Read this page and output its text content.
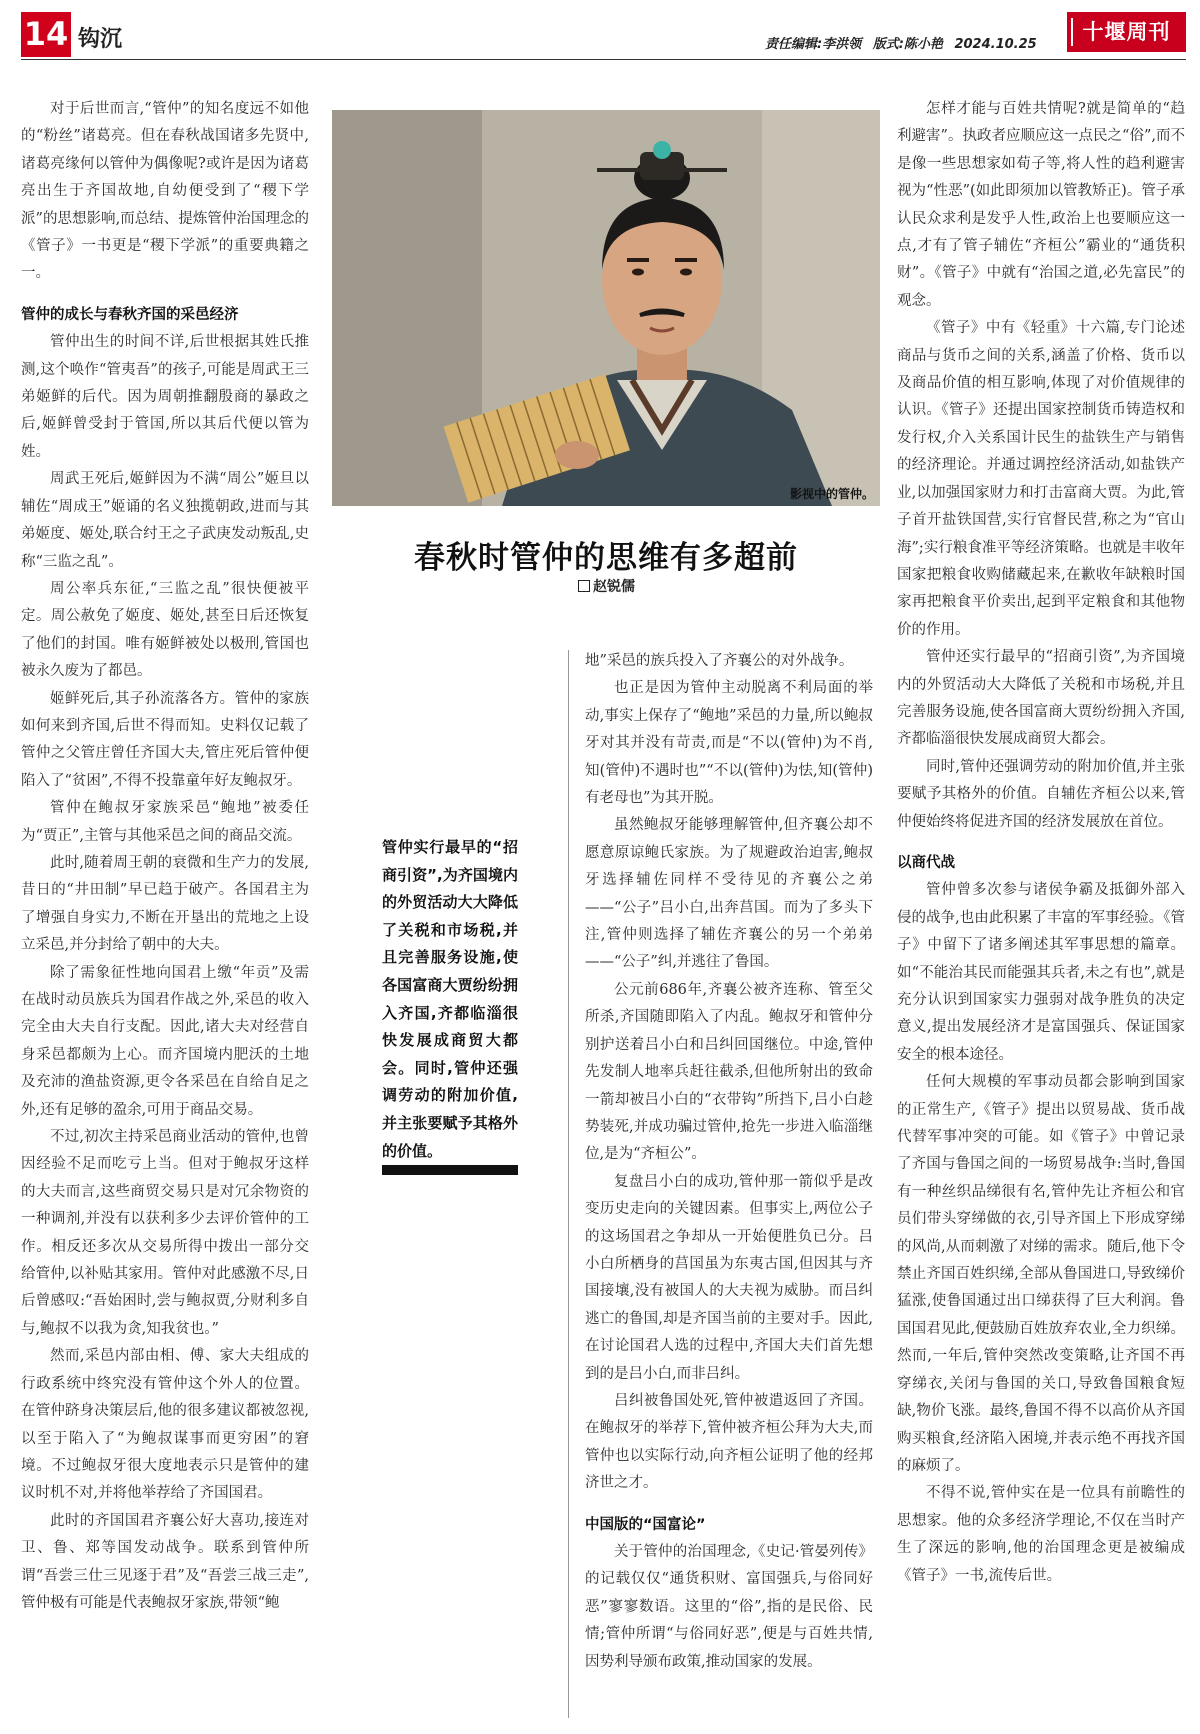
14 钩沉	责任编辑:李洪领 版式:陈小艳 2024.10.25
十堰周刊

对于后世而言,“管仲”的知名度远不如他的“粉丝”诸葛亮。但在春秋战国诸多先贤中,诸葛亮缘何以管仲为偶像呢?或许是因为诸葛亮出生于齐国故地,自幼便受到了“稷下学派”的思想影响,而总结、提炼管仲治国理念的《管子》一书更是“稷下学派”的重要典籍之一。

管仲的成长与春秋齐国的采邑经济

管仲出生的时间不详,后世根据其姓氏推测,这个唤作“管夷吾”的孩子,可能是周武王三弟姬鲜的后代。因为周朝推翻殷商的暴政之后,姬鲜曾受封于管国,所以其后代便以管为姓。

周武王死后,姬鲜因为不满“周公”姬旦以辅佐“周成王”姬诵的名义独揽朝政,进而与其弟姬度、姬处,联合纣王之子武庚发动叛乱,史称“三监之乱”。

周公率兵东征,“三监之乱”很快便被平定。周公赦免了姬度、姬处,甚至日后还恢复了他们的封国。唯有姬鲜被处以极刑,管国也被永久废为了都邑。

姬鲜死后,其子孙流落各方。管仲的家族如何来到齐国,后世不得而知。史料仅记载了管仲之父管庄曾任齐国大夫,管庄死后管仲便陷入了“贫困”,不得不投靠童年好友鲍叔牙。

管仲在鲍叔牙家族采邑“鲍地”被委任为“贾正”,主管与其他采邑之间的商品交流。

此时,随着周王朝的衰微和生产力的发展,昔日的“井田制”早已趋于破产。各国君主为了增强自身实力,不断在开垦出的荒地之上设立采邑,并分封给了朝中的大夫。

除了需象征性地向国君上缴“年贡”及需在战时动员族兵为国君作战之外,采邑的收入完全由大夫自行支配。因此,诸大夫对经营自身采邑都颇为上心。而齐国境内肥沃的土地及充沛的渔盐资源,更令各采邑在自给自足之外,还有足够的盈余,可用于商品交易。

不过,初次主持采邑商业活动的管仲,也曾因经验不足而吃亏上当。但对于鲍叔牙这样的大夫而言,这些商贸交易只是对冗余物资的一种调剂,并没有以获利多少去评价管仲的工作。相反还多次从交易所得中拨出一部分交给管仲,以补贴其家用。管仲对此感激不尽,日后曾感叹:“吾始困时,尝与鲍叔贾,分财利多自与,鲍叔不以我为贪,知我贫也。”

然而,采邑内部由相、傅、家大夫组成的行政系统中终究没有管仲这个外人的位置。在管仲跻身决策层后,他的很多建议都被忽视,以至于陷入了“为鲍叔谋事而更穷困”的窘境。不过鲍叔牙很大度地表示只是管仲的建议时机不对,并将他举荐给了齐国国君。

此时的齐国国君齐襄公好大喜功,接连对卫、鲁、郑等国发动战争。联系到管仲所谓“吾尝三仕三见逐于君”及“吾尝三战三走”,管仲极有可能是代表鲍叔牙家族,带领“鲍

影视中的管仲。
春秋时管仲的思维有多超前
赵锐儒
管仲实行最早的“招商引资”,为齐国境内的外贸活动大大降低了关税和市场税,并且完善服务设施,使各国富商大贾纷纷拥入齐国,齐都临淄很快发展成商贸大都会。同时,管仲还强调劳动的附加价值,并主张要赋予其格外的价值。

地”采邑的族兵投入了齐襄公的对外战争。

也正是因为管仲主动脱离不利局面的举动,事实上保存了“鲍地”采邑的力量,所以鲍叔牙对其并没有苛责,而是“不以(管仲)为不肖,知(管仲)不遇时也”“不以(管仲)为怯,知(管仲)有老母也”为其开脱。

虽然鲍叔牙能够理解管仲,但齐襄公却不愿意原谅鲍氏家族。为了规避政治迫害,鲍叔牙选择辅佐同样不受待见的齐襄公之弟——“公子”吕小白,出奔莒国。而为了多头下注,管仲则选择了辅佐齐襄公的另一个弟弟——“公子”纠,并逃往了鲁国。

公元前686年,齐襄公被齐连称、管至父所杀,齐国随即陷入了内乱。鲍叔牙和管仲分别护送着吕小白和吕纠回国继位。中途,管仲先发制人地率兵赶往截杀,但他所射出的致命一箭却被吕小白的“衣带钩”所挡下,吕小白趁势装死,并成功骗过管仲,抢先一步进入临淄继位,是为“齐桓公”。

复盘吕小白的成功,管仲那一箭似乎是改变历史走向的关键因素。但事实上,两位公子的这场国君之争却从一开始便胜负已分。吕小白所栖身的莒国虽为东夷古国,但因其与齐国接壤,没有被国人的大夫视为威胁。而吕纠逃亡的鲁国,却是齐国当前的主要对手。因此,在讨论国君人选的过程中,齐国大夫们首先想到的是吕小白,而非吕纠。

吕纠被鲁国处死,管仲被遣返回了齐国。在鲍叔牙的举荐下,管仲被齐桓公拜为大夫,而管仲也以实际行动,向齐桓公证明了他的经邦济世之才。

中国版的“国富论”

关于管仲的治国理念,《史记·管晏列传》的记载仅仅“通货积财、富国强兵,与俗同好恶”寥寥数语。这里的“俗”,指的是民俗、民情;管仲所谓“与俗同好恶”,便是与百姓共情,因势利导颁布政策,推动国家的发展。

怎样才能与百姓共情呢?就是简单的“趋利避害”。执政者应顺应这一点民之“俗”,而不是像一些思想家如荀子等,将人性的趋利避害视为“性恶”(如此即须加以管教矫正)。管子承认民众求利是发乎人性,政治上也要顺应这一点,才有了管子辅佐“齐桓公”霸业的“通货积财”。《管子》中就有“治国之道,必先富民”的观念。

《管子》中有《轻重》十六篇,专门论述商品与货币之间的关系,涵盖了价格、货币以及商品价值的相互影响,体现了对价值规律的认识。《管子》还提出国家控制货币铸造权和发行权,介入关系国计民生的盐铁生产与销售的经济理论。并通过调控经济活动,如盐铁产业,以加强国家财力和打击富商大贾。为此,管子首开盐铁国营,实行官督民营,称之为“官山海”;实行粮食准平等经济策略。也就是丰收年国家把粮食收购储藏起来,在歉收年缺粮时国家再把粮食平价卖出,起到平定粮食和其他物价的作用。

管仲还实行最早的“招商引资”,为齐国境内的外贸活动大大降低了关税和市场税,并且完善服务设施,使各国富商大贾纷纷拥入齐国,齐都临淄很快发展成商贸大都会。

同时,管仲还强调劳动的附加价值,并主张要赋予其格外的价值。自辅佐齐桓公以来,管仲便始终将促进齐国的经济发展放在首位。

以商代战

管仲曾多次参与诸侯争霸及抵御外部入侵的战争,也由此积累了丰富的军事经验。《管子》中留下了诸多阐述其军事思想的篇章。如“不能治其民而能强其兵者,未之有也”,就是充分认识到国家实力强弱对战争胜负的决定意义,提出发展经济才是富国强兵、保证国家安全的根本途径。

任何大规模的军事动员都会影响到国家的正常生产,《管子》提出以贸易战、货币战代替军事冲突的可能。如《管子》中曾记录了齐国与鲁国之间的一场贸易战争:当时,鲁国有一种丝织品绨很有名,管仲先让齐桓公和官员们带头穿绨做的衣,引导齐国上下形成穿绨的风尚,从而刺激了对绨的需求。随后,他下令禁止齐国百姓织绨,全部从鲁国进口,导致绨价猛涨,使鲁国通过出口绨获得了巨大利润。鲁国国君见此,便鼓励百姓放弃农业,全力织绨。然而,一年后,管仲突然改变策略,让齐国不再穿绨衣,关闭与鲁国的关口,导致鲁国粮食短缺,物价飞涨。最终,鲁国不得不以高价从齐国购买粮食,经济陷入困境,并表示绝不再找齐国的麻烦了。

不得不说,管仲实在是一位具有前瞻性的思想家。他的众多经济学理论,不仅在当时产生了深远的影响,他的治国理念更是被编成《管子》一书,流传后世。
